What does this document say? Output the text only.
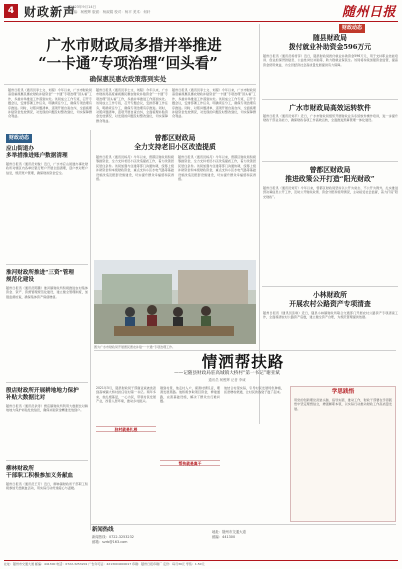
4 财政新声
2023年9月14日
责编：柯俊辉 版面：杨淑娟 校对：杨平 美术：何轩	随州日报
广水市财政局多措并举推进
“一卡通”专项治理“回头看”
确保惠民惠农政策落到实处
随州日报讯（通讯员李士文、刘程）今年以来，广水市财政局高度重视惠民惠农财政补贴资金“一卡通”专项治理“回头看”工作，多措并举推进工作落到实处。该局成立工作专班，召开专题会议，安排部署工作任务，明确责任分工，确保专项治理有序推进。同时，对照问题清单，逐项开展自查自纠，全面梳理补贴资金发放情况，对发现的问题及时整改到位，切实保障群众利益。
随州日报讯（通讯员李士文、刘程）今年以来，广水市财政局高度重视惠民惠农财政补贴资金“一卡通”专项治理“回头看”工作，多措并举推进工作落到实处。该局成立工作专班，召开专题会议，安排部署工作任务，明确责任分工，确保专项治理有序推进。同时，对照问题清单，逐项开展自查自纠，全面梳理补贴资金发放情况，对发现的问题及时整改到位，切实保障群众利益。
随州日报讯（通讯员李士文、刘程）今年以来，广水市财政局高度重视惠民惠农财政补贴资金“一卡通”专项治理“回头看”工作，多措并举推进工作落到实处。该局成立工作专班，召开专题会议，安排部署工作任务，明确责任分工，确保专项治理有序推进。同时，对照问题清单，逐项开展自查自纠，全面梳理补贴资金发放情况，对发现的问题及时整改到位，切实保障群众利益。
财政动态
随县财政局
拨付就业补助资金596万元
随州日报讯（通讯员杨雪萍）近日，随县财政局拨付就业补助资金596万元，用于支持职业技能培训、创业担保贷款贴息、公益性岗位补贴等，助力稳就业保民生。该局将持续加强资金监管，提高资金使用效益，为全县经济社会高质量发展提供有力保障。
广水市财政局高效运转软件
随州日报讯（通讯员刘平）近日，广水市财政局组织开展财政业务系统软件操作培训，进一步提升财政干部业务能力，确保财政各项工作高效运转，全面推进预算管理一体化建设。
曾都区财政局
推进政策公开打造“阳光财政”
随州日报讯（通讯员刘芳）今年以来，曾都区财政局坚持以公开为常态、不公开为例外，扎实推进预决算信息公开工作，及时公开财政政策、资金分配和使用情况，主动接受社会监督，着力打造“阳光财政”。
小林财政所
开展农村公路资产专项清查
随州日报讯（通讯员张琪）近日，随县小林镇财政所联合交通部门开展农村公路资产专项清查工作，全面摸清农村公路资产底数，建立健全资产台账，为规范管理提供依据。
财政动态
应山街道办
多举措推进账户数据清理
随州日报讯（通讯员刘俊）近日，广水市应山街道办事处财政所对辖区内各单位银行账户开展全面清理，逐户核对账户信息，规范账户管理，确保财政资金安全。
淮河财政所推进“三资”管理
规范化建设
随州日报讯（通讯员陈鹏）淮河镇财政所积极推进农村集体资金、资产、资源管理规范化建设，建立健全管理制度，加强监督检查，确保集体资产保值增值。
殷店财政所开展耕地地力保护
补贴大数据比对
随州日报讯（通讯员余涛）殷店镇财政所利用大数据比对耕地地力保护补贴发放信息，确保补贴资金精准发放到户。
柳林财政所
干部职工积极参加义务献血
随州日报讯（通讯员王芳）近日，柳林镇财政所干部职工积极参加无偿献血活动，用实际行动传递爱心与温暖。
曾都区财政局
全力支持老旧小区改造提质
随州日报讯（通讯员杨丹）今年以来，曾都区财政局积极筹措资金，全力支持老旧小区改造提质工作，着力改善居民居住条件。该局加强与住建等部门沟通协调，统筹上级补助资金和本级财政资金，重点支持小区水电气路等基础设施改造及配套设施建设，切实提升群众幸福感和获得感。
随州日报讯（通讯员杨丹）今年以来，曾都区财政局积极筹措资金，全力支持老旧小区改造提质工作，着力改善居民居住条件。该局加强与住建等部门沟通协调，统筹上级补助资金和本级财政资金，重点支持小区水电气路等基础设施改造及配套设施建设，切实提升群众幸福感和获得感。
图为广水市财政局开展惠民惠农补贴“一卡通”专项治理工作。
情洒帮扶路
——记随县财政局驻高城镇大桥村“第一书记”谢亚斌
通讯员 柯俊辉 记者 李诚
2021年5月，随县财政局干部谢亚斌被选派到高城镇大桥村担任驻村第一书记。两年多来，他扎根基层，一心为民，带领村民发展产业，改善人居环境，推动乡村振兴。
驻村就是扎根
刚到村里，他走村入户，摸清村情民意，理清发展思路。他积极争取项目资金，修建道路，完善基础设施，解决了群众出行难问题。
帮扶就是真干
他结合村里实际，引导村民发展特色种植，拓宽增收渠道，让村民的钱袋子鼓了起来。	学思践悟
用党的创新理论武装头脑、指导实践、推动工作，财政干部要在学思践悟中坚定理想信念，增强履职本领，以实际行动推动财政工作高质量发展。
新闻热线
新闻热线：0722-3253232
邮箱：szrb@163.com
地址：随州市交通大道
邮编：441300
社址：随州市交通大道 邮编：441300 电话：0722-3253201 广告许可证：4213004000017 印刷：随州日报印刷厂 定价：每月30元 零售：1.50元
